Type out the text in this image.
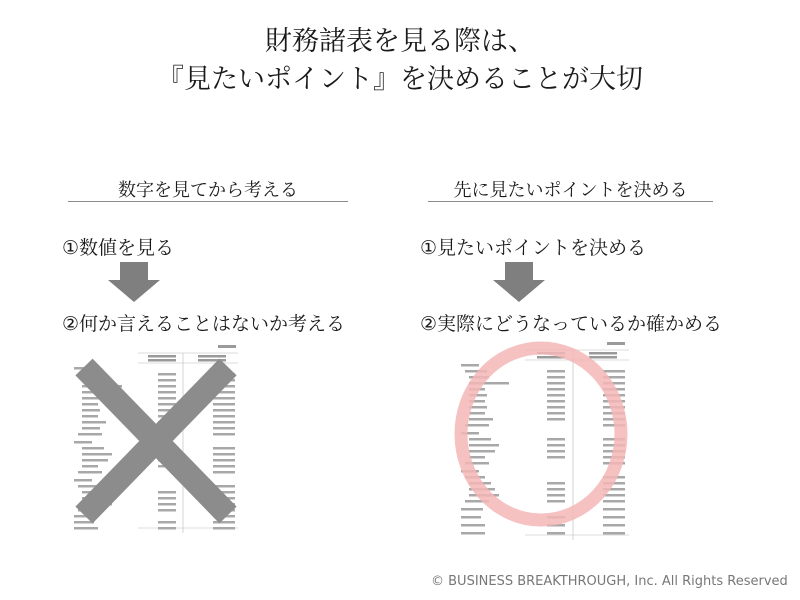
財務諸表を見る際は、
『見たいポイント』を決めることが大切
数字を見てから考える
①数値を見る
②何か言えることはないか考える
先に見たいポイントを決める
①見たいポイントを決める
②実際にどうなっているか確かめる
© BUSINESS BREAKTHROUGH, Inc. All Rights Reserved
